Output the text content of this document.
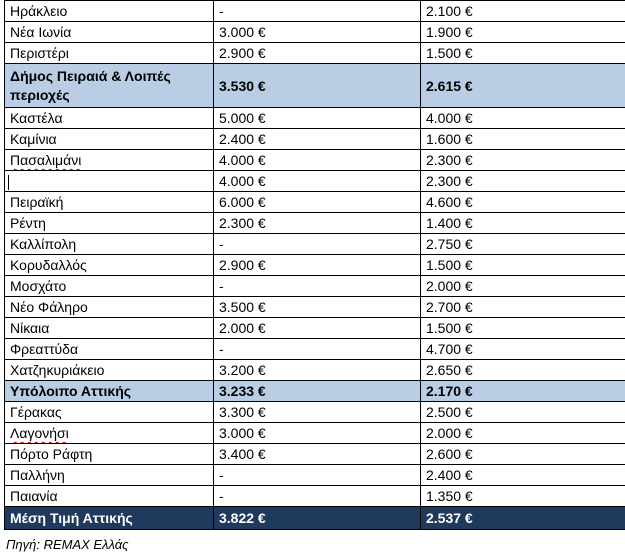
Ηράκλειο	-	2.100 €
Νέα Ιωνία	3.000 €	1.900 €
Περιστέρι	2.900 €	1.500 €
Δήμος Πειραιά & Λοιπές περιοχές	3.530 €	2.615 €
Καστέλα	5.000 €	4.000 €
Καμίνια	2.400 €	1.600 €
Πασαλιμάνι	4.000 €	2.300 €
	4.000 €	2.300 €
Πειραϊκή	6.000 €	4.600 €
Ρέντη	2.300 €	1.400 €
Καλλίπολη	-	2.750 €
Κορυδαλλός	2.900 €	1.500 €
Μοσχάτο	-	2.000 €
Νέο Φάληρο	3.500 €	2.700 €
Νίκαια	2.000 €	1.500 €
Φρεαττύδα	-	4.700 €
Χατζηκυριάκειο	3.200 €	2.650 €
Υπόλοιπο Αττικής	3.233 €	2.170 €
Γέρακας	3.300 €	2.500 €
Λαγονήσι	3.000 €	2.000 €
Πόρτο Ράφτη	3.400 €	2.600 €
Παλλήνη	-	2.400 €
Παιανία	-	1.350 €
Μέση Τιμή Αττικής	3.822 €	2.537 €
Πηγή: REMAX Ελλάς
